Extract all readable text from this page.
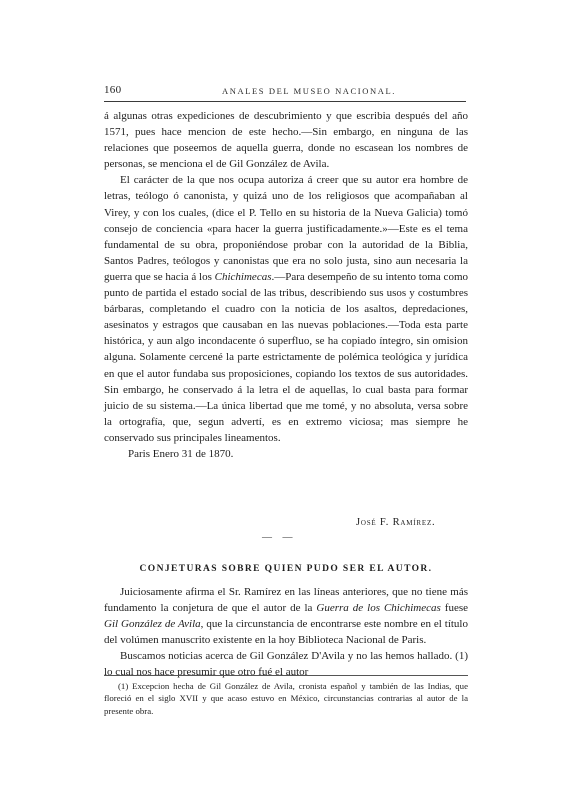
160	ANALES DEL MUSEO NACIONAL.

á algunas otras expediciones de descubrimiento y que escribia después del año 1571, pues hace mencion de este hecho.—Sin embargo, en ninguna de las relaciones que poseemos de aquella guerra, donde no escasean los nombres de personas, se menciona el de Gil González de Avila.

El carácter de la que nos ocupa autoriza á creer que su autor era hombre de letras, teólogo ó canonista, y quizá uno de los religiosos que acompañaban al Virey, y con los cuales, (dice el P. Tello en su historia de la Nueva Galicia) tomó consejo de conciencia «para hacer la guerra justificadamente.»—Este es el tema fundamental de su obra, proponiéndose probar con la autoridad de la Biblia, Santos Padres, teólogos y canonistas que era no solo justa, sino aun necesaria la guerra que se hacia á los Chichimecas.—Para desempeño de su intento toma como punto de partida el estado social de las tribus, describiendo sus usos y costumbres bárbaras, completando el cuadro con la noticia de los asaltos, depredaciones, asesinatos y estragos que causaban en las nuevas poblaciones.—Toda esta parte histórica, y aun algo incondacente ó superfluo, se ha copiado íntegro, sin omision alguna. Solamente cercené la parte estrictamente de polémica teológica y jurídica en que el autor fundaba sus proposiciones, copiando los textos de sus autoridades. Sin embargo, he conservado á la letra el de aquellas, lo cual basta para formar juicio de su sistema.—La única libertad que me tomé, y no absoluta, versa sobre la ortografía, que, segun advertí, es en extremo viciosa; mas siempre he conservado sus principales lineamentos.

Paris Enero 31 de 1870.

José F. Ramírez.
— —
CONJETURAS SOBRE QUIEN PUDO SER EL AUTOR.

Juiciosamente afirma el Sr. Ramírez en las líneas anteriores, que no tiene más fundamento la conjetura de que el autor de la Guerra de los Chichimecas fuese Gil González de Avila, que la circunstancia de encontrarse este nombre en el título del volúmen manuscrito existente en la hoy Biblioteca Nacional de Paris.

Buscamos noticias acerca de Gil González D'Avila y no las hemos hallado. (1) lo cual nos hace presumir que otro fué el autor

(1) Excepcion hecha de Gil González de Avila, cronista español y también de las Indias, que floreció en el siglo XVII y que acaso estuvo en México, circunstancias contrarias al autor de la presente obra.
